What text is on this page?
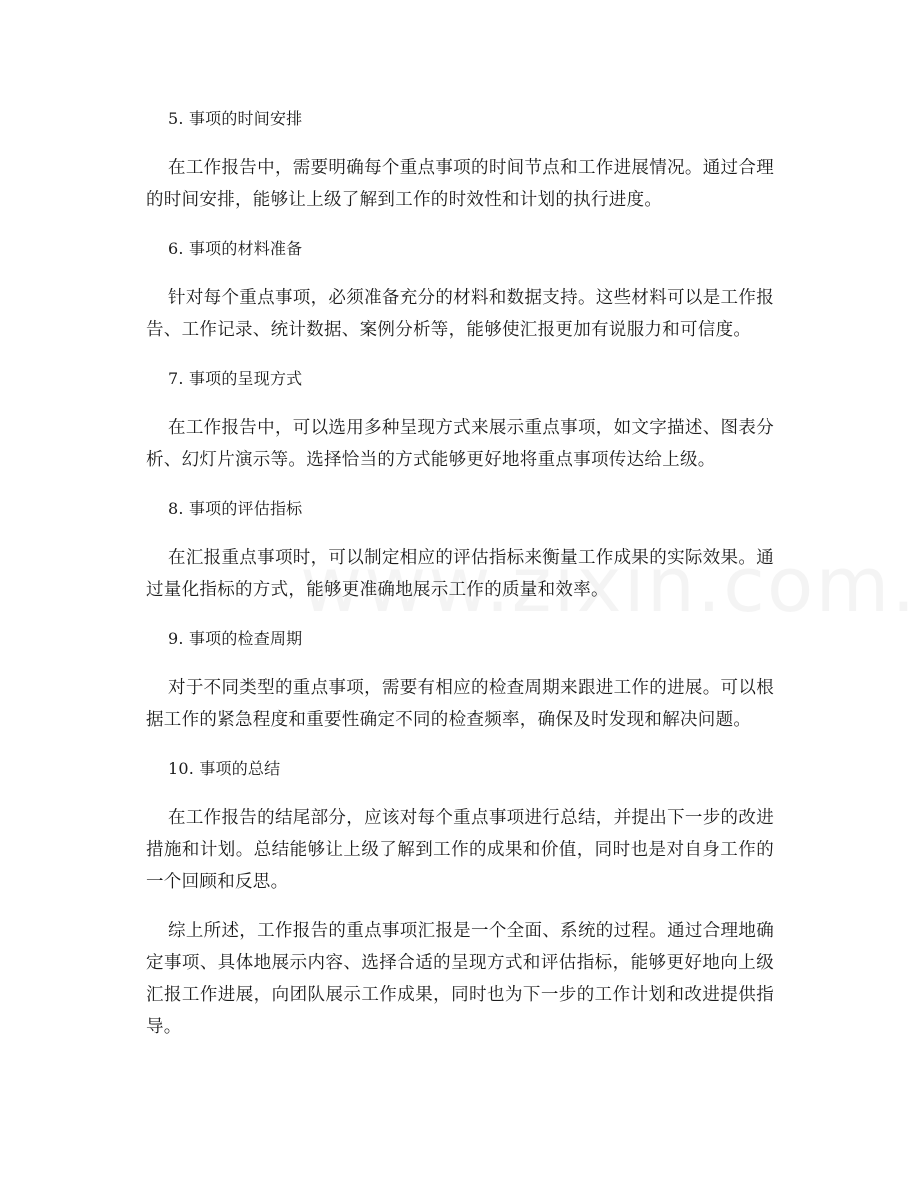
5. 事项的时间安排

在工作报告中，需要明确每个重点事项的时间节点和工作进展情况。通过合理的时间安排，能够让上级了解到工作的时效性和计划的执行进度。

6. 事项的材料准备

针对每个重点事项，必须准备充分的材料和数据支持。这些材料可以是工作报告、工作记录、统计数据、案例分析等，能够使汇报更加有说服力和可信度。

7. 事项的呈现方式

在工作报告中，可以选用多种呈现方式来展示重点事项，如文字描述、图表分析、幻灯片演示等。选择恰当的方式能够更好地将重点事项传达给上级。

8. 事项的评估指标

在汇报重点事项时，可以制定相应的评估指标来衡量工作成果的实际效果。通过量化指标的方式，能够更准确地展示工作的质量和效率。

9. 事项的检查周期

对于不同类型的重点事项，需要有相应的检查周期来跟进工作的进展。可以根据工作的紧急程度和重要性确定不同的检查频率，确保及时发现和解决问题。

10. 事项的总结

在工作报告的结尾部分，应该对每个重点事项进行总结，并提出下一步的改进措施和计划。总结能够让上级了解到工作的成果和价值，同时也是对自身工作的一个回顾和反思。

综上所述，工作报告的重点事项汇报是一个全面、系统的过程。通过合理地确定事项、具体地展示内容、选择合适的呈现方式和评估指标，能够更好地向上级汇报工作进展，向团队展示工作成果，同时也为下一步的工作计划和改进提供指导。
